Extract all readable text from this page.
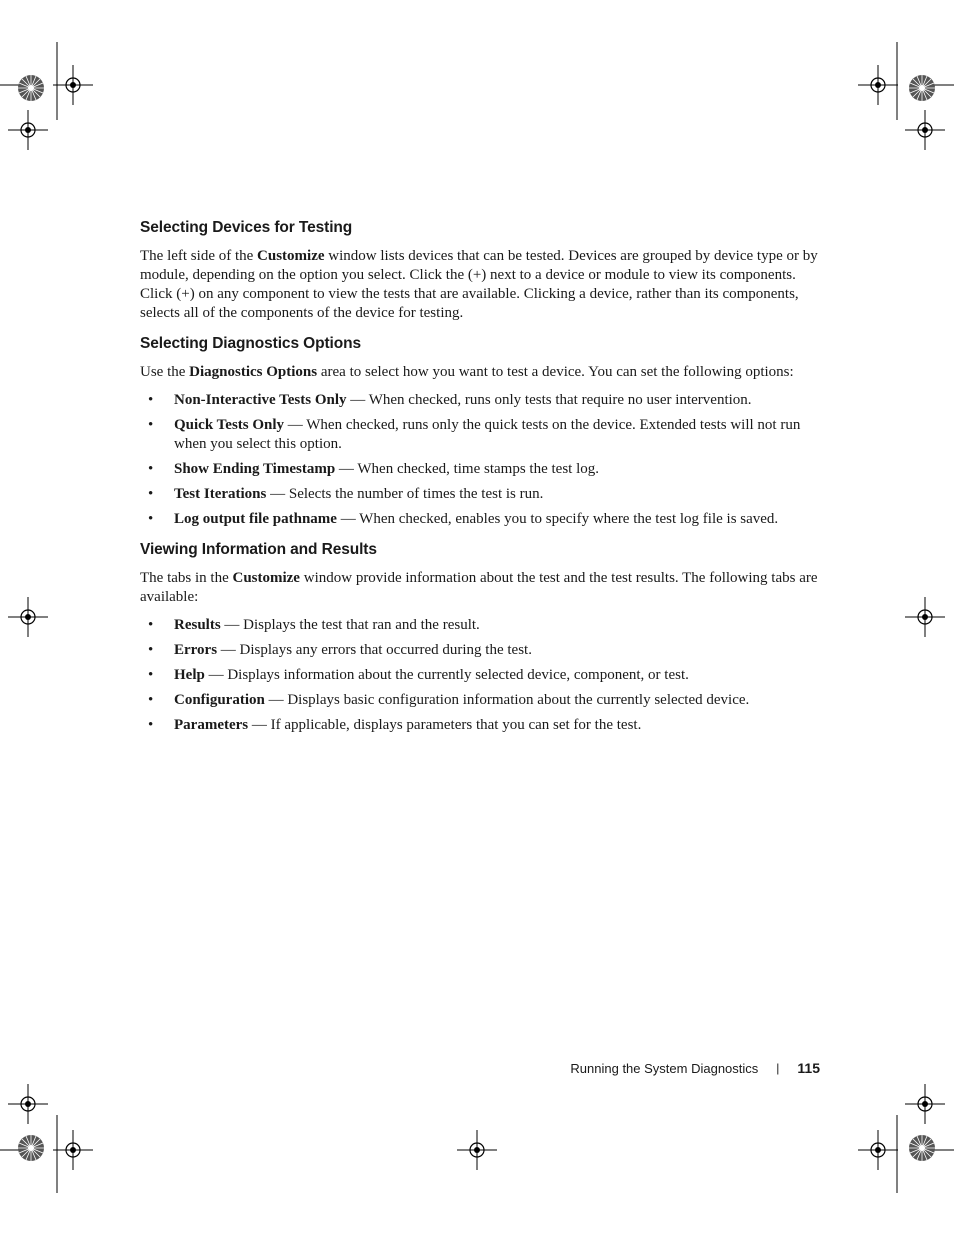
Selecting Devices for Testing

The left side of the Customize window lists devices that can be tested. Devices are grouped by device type or by module, depending on the option you select. Click the (+) next to a device or module to view its components. Click (+) on any component to view the tests that are available. Clicking a device, rather than its components, selects all of the components of the device for testing.

Selecting Diagnostics Options

Use the Diagnostics Options area to select how you want to test a device. You can set the following options:

• Non-Interactive Tests Only — When checked, runs only tests that require no user intervention.
• Quick Tests Only — When checked, runs only the quick tests on the device. Extended tests will not run when you select this option.
• Show Ending Timestamp — When checked, time stamps the test log.
• Test Iterations — Selects the number of times the test is run.
• Log output file pathname — When checked, enables you to specify where the test log file is saved.
Viewing Information and Results

The tabs in the Customize window provide information about the test and the test results. The following tabs are available:

• Results — Displays the test that ran and the result.
• Errors — Displays any errors that occurred during the test.
• Help — Displays information about the currently selected device, component, or test.
• Configuration — Displays basic configuration information about the currently selected device.
• Parameters — If applicable, displays parameters that you can set for the test.
Running the System Diagnostics | 115
